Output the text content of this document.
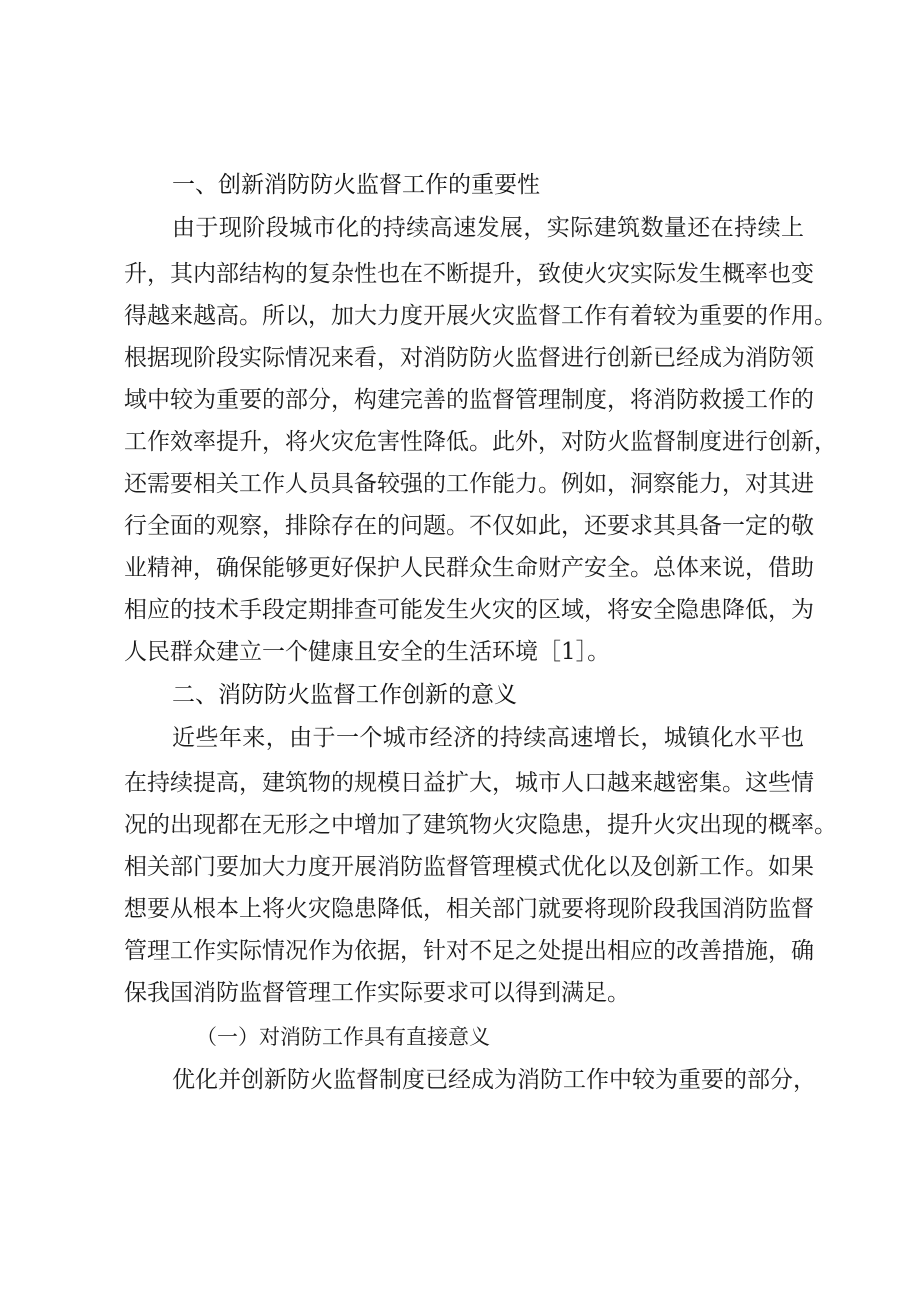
一、创新消防防火监督工作的重要性
由于现阶段城市化的持续高速发展，实际建筑数量还在持续上
升，其内部结构的复杂性也在不断提升，致使火灾实际发生概率也变
得越来越高。所以，加大力度开展火灾监督工作有着较为重要的作用。
根据现阶段实际情况来看，对消防防火监督进行创新已经成为消防领
域中较为重要的部分，构建完善的监督管理制度，将消防救援工作的
工作效率提升，将火灾危害性降低。此外，对防火监督制度进行创新，
还需要相关工作人员具备较强的工作能力。例如，洞察能力，对其进
行全面的观察，排除存在的问题。不仅如此，还要求其具备一定的敬
业精神，确保能够更好保护人民群众生命财产安全。总体来说，借助
相应的技术手段定期排查可能发生火灾的区域，将安全隐患降低，为
人民群众建立一个健康且安全的生活环境［1］。
二、消防防火监督工作创新的意义
近些年来，由于一个城市经济的持续高速增长，城镇化水平也
在持续提高，建筑物的规模日益扩大，城市人口越来越密集。这些情
况的出现都在无形之中增加了建筑物火灾隐患，提升火灾出现的概率。
相关部门要加大力度开展消防监督管理模式优化以及创新工作。如果
想要从根本上将火灾隐患降低，相关部门就要将现阶段我国消防监督
管理工作实际情况作为依据，针对不足之处提出相应的改善措施，确
保我国消防监督管理工作实际要求可以得到满足。
（一）对消防工作具有直接意义
优化并创新防火监督制度已经成为消防工作中较为重要的部分，
